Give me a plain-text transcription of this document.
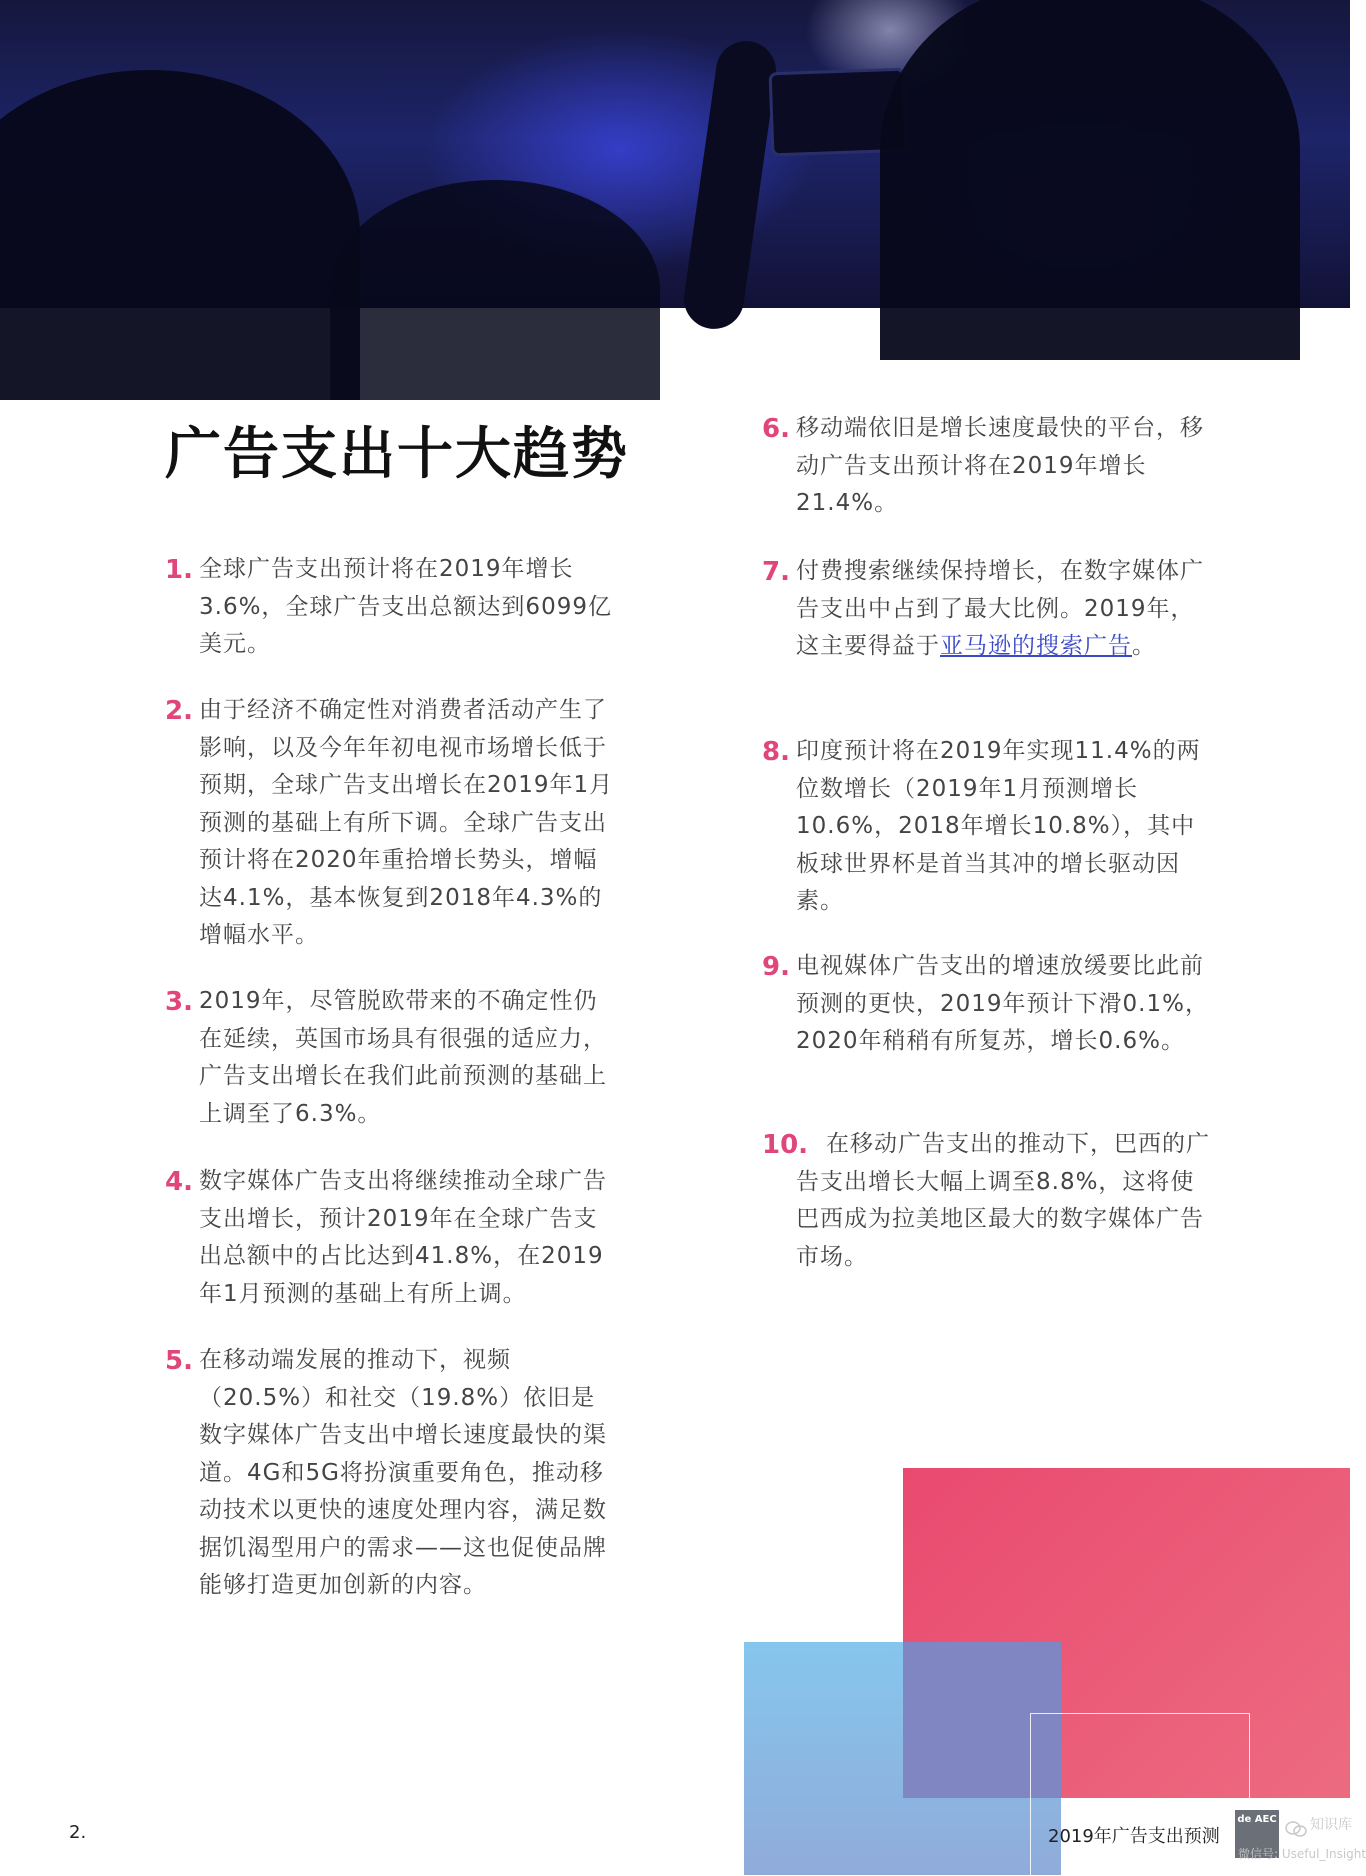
广告支出十大趋势
1. 全球广告支出预计将在2019年增长3.6%，全球广告支出总额达到6099亿美元。
2. 由于经济不确定性对消费者活动产生了影响，以及今年年初电视市场增长低于预期，全球广告支出增长在2019年1月预测的基础上有所下调。全球广告支出预计将在2020年重拾增长势头，增幅达4.1%，基本恢复到2018年4.3%的增幅水平。
3. 2019年，尽管脱欧带来的不确定性仍在延续，英国市场具有很强的适应力，广告支出增长在我们此前预测的基础上上调至了6.3%。
4. 数字媒体广告支出将继续推动全球广告支出增长，预计2019年在全球广告支出总额中的占比达到41.8%，在2019年1月预测的基础上有所上调。
5. 在移动端发展的推动下，视频（20.5%）和社交（19.8%）依旧是数字媒体广告支出中增长速度最快的渠道。4G和5G将扮演重要角色，推动移动技术以更快的速度处理内容，满足数据饥渴型用户的需求——这也促使品牌能够打造更加创新的内容。
6. 移动端依旧是增长速度最快的平台，移动广告支出预计将在2019年增长21.4%。
7. 付费搜索继续保持增长，在数字媒体广告支出中占到了最大比例。2019年，这主要得益于亚马逊的搜索广告。
8. 印度预计将在2019年实现11.4%的两位数增长（2019年1月预测增长10.6%，2018年增长10.8%），其中板球世界杯是首当其冲的增长驱动因素。
9. 电视媒体广告支出的增速放缓要比此前预测的更快，2019年预计下滑0.1%，2020年稍稍有所复苏，增长0.6%。
10. 在移动广告支出的推动下，巴西的广告支出增长大幅上调至8.8%，这将使巴西成为拉美地区最大的数字媒体广告市场。
2.	2019年广告支出预测
de AEC 知识库
微信号: Useful_Insight
